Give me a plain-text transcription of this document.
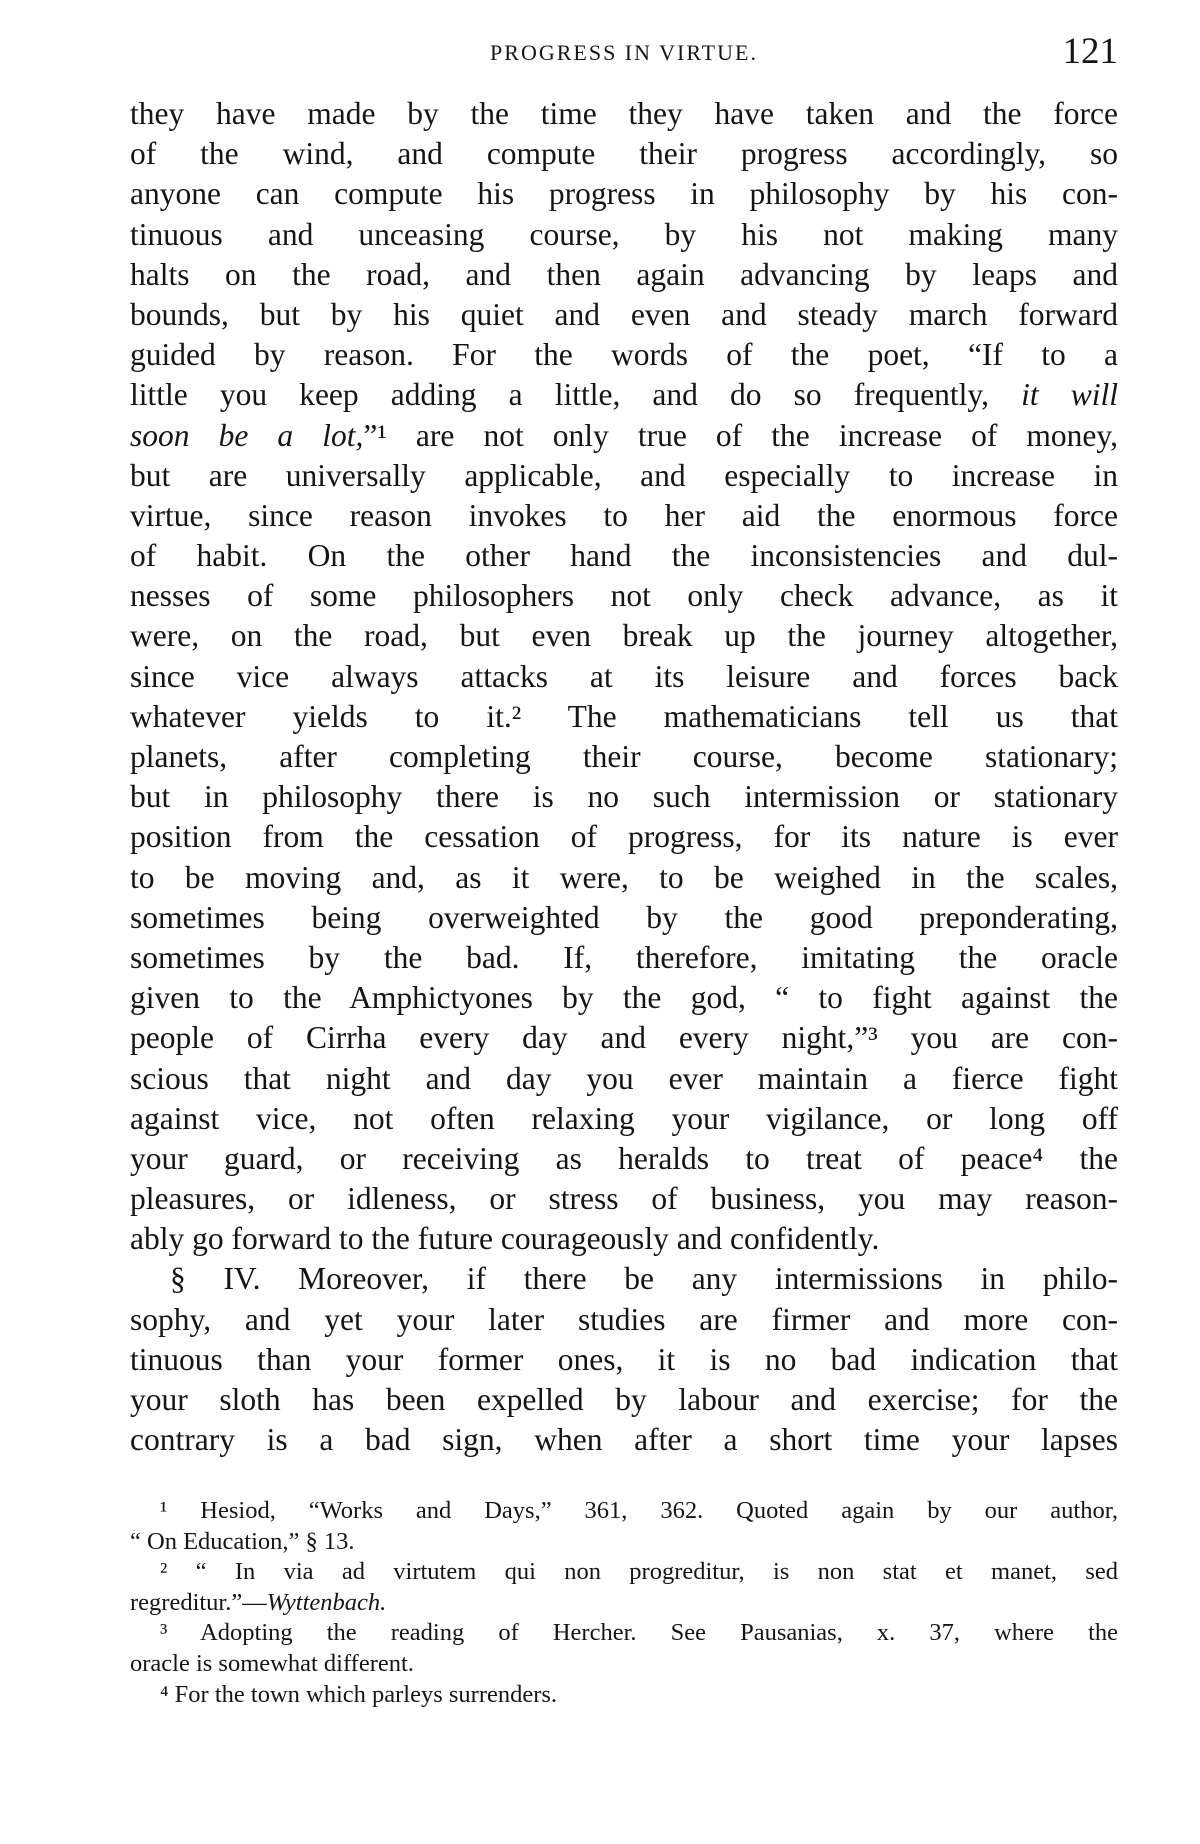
PROGRESS IN VIRTUE.	121
they have made by the time they have taken and the force
of the wind, and compute their progress accordingly, so
anyone can compute his progress in philosophy by his con-
tinuous and unceasing course, by his not making many
halts on the road, and then again advancing by leaps and
bounds, but by his quiet and even and steady march forward
guided by reason. For the words of the poet, “If to a
little you keep adding a little, and do so frequently, it will
soon be a lot,”¹ are not only true of the increase of money,
but are universally applicable, and especially to increase in
virtue, since reason invokes to her aid the enormous force
of habit. On the other hand the inconsistencies and dul-
nesses of some philosophers not only check advance, as it
were, on the road, but even break up the journey altogether,
since vice always attacks at its leisure and forces back
whatever yields to it.² The mathematicians tell us that
planets, after completing their course, become stationary;
but in philosophy there is no such intermission or stationary
position from the cessation of progress, for its nature is ever
to be moving and, as it were, to be weighed in the scales,
sometimes being overweighted by the good preponderating,
sometimes by the bad. If, therefore, imitating the oracle
given to the Amphictyones by the god, “ to fight against the
people of Cirrha every day and every night,”³ you are con-
scious that night and day you ever maintain a fierce fight
against vice, not often relaxing your vigilance, or long off
your guard, or receiving as heralds to treat of peace⁴ the
pleasures, or idleness, or stress of business, you may reason-
ably go forward to the future courageously and confidently.
§ IV. Moreover, if there be any intermissions in philo-
sophy, and yet your later studies are firmer and more con-
tinuous than your former ones, it is no bad indication that
your sloth has been expelled by labour and exercise; for the
contrary is a bad sign, when after a short time your lapses
¹ Hesiod, “Works and Days,” 361, 362. Quoted again by our author,
“ On Education,” § 13.
² “ In via ad virtutem qui non progreditur, is non stat et manet, sed
regreditur.”—Wyttenbach.
³ Adopting the reading of Hercher. See Pausanias, x. 37, where the
oracle is somewhat different.
⁴ For the town which parleys surrenders.
